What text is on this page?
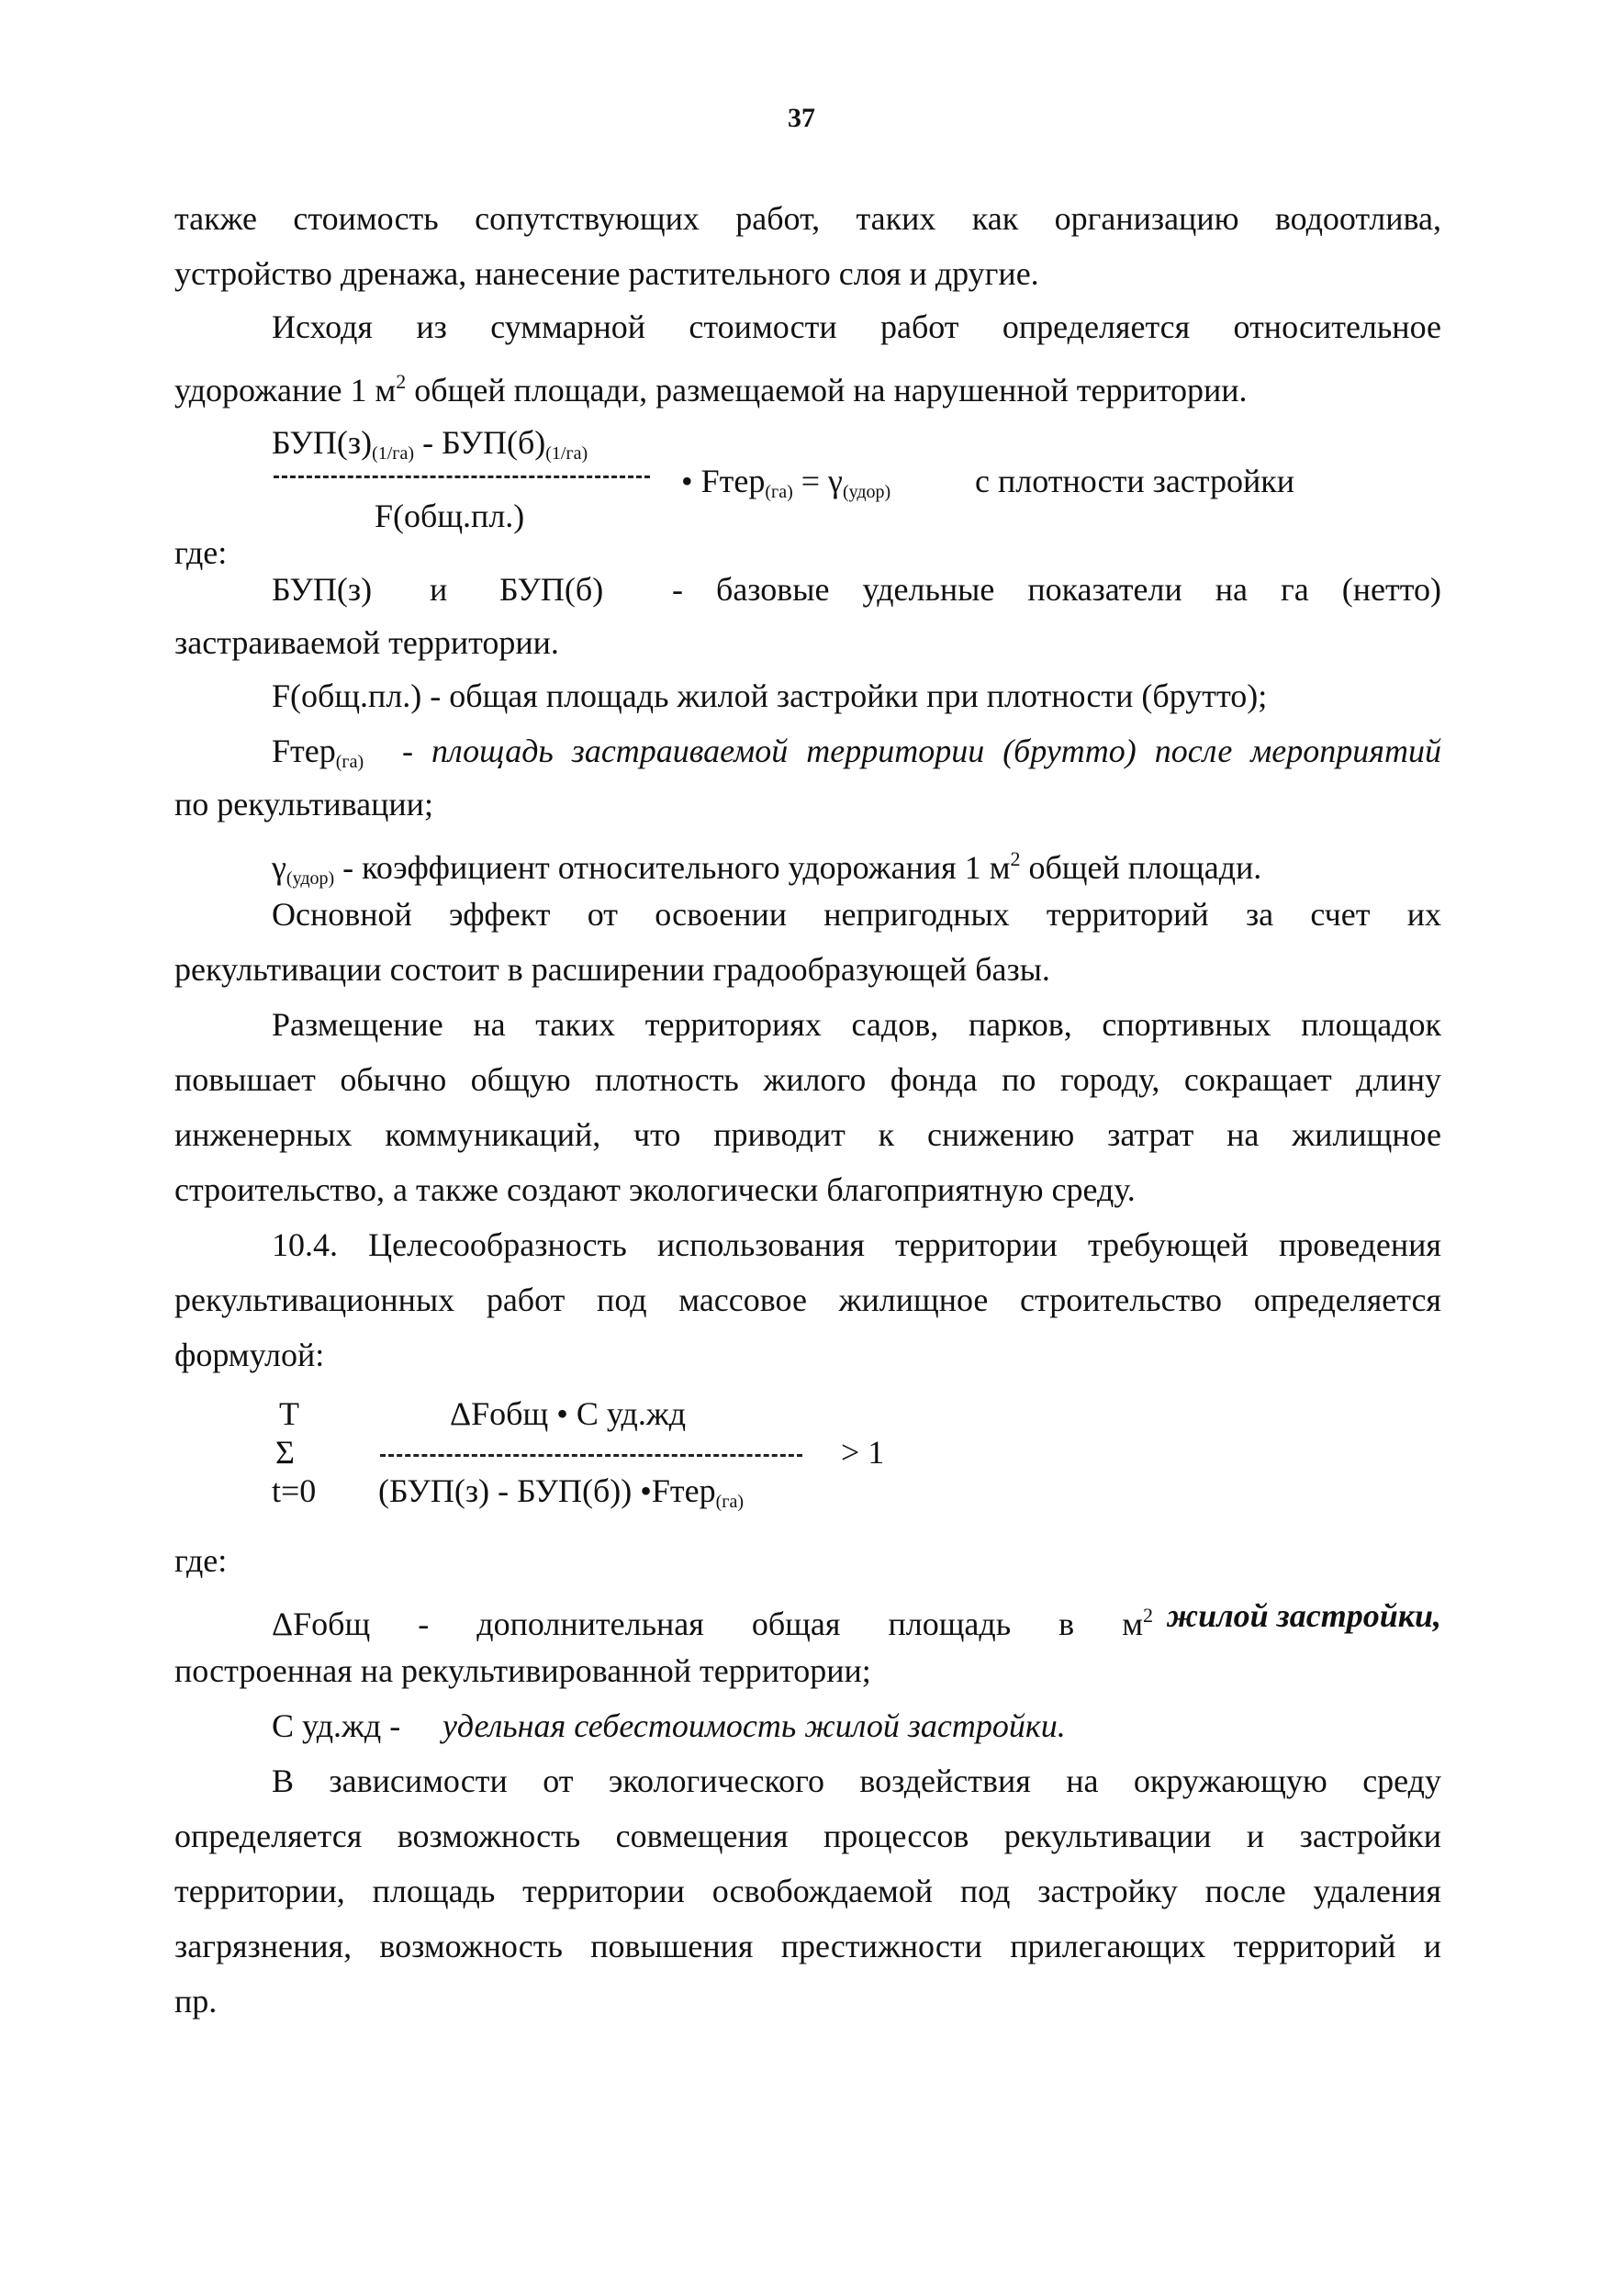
37
также стоимость сопутствующих работ, таких как организацию водоотлива,
устройство дренажа, нанесение растительного слоя и другие.
Исходя из суммарной стоимости работ определяется относительное
удорожание 1 $м^2$ общей площади, размещаемой на нарушенной территории.
$БУП(з)_{(1/га)} - БУП(б)_{(1/га)}$
• Fтер$_{(га)}$ = $\gamma_{(удор)}$	с плотности застройки
F(общ.пл.)
где:
БУП(з) и БУП(б) - базовые удельные показатели на га (нетто)
застраиваемой территории.
F(общ.пл.) - общая площадь жилой застройки при плотности (брутто);
Fтер$_{(га)}$ - площадь застраиваемой территории (брутто) после мероприятий
по рекультивации;
$\gamma_{(удор)}$ - коэффициент относительного удорожания 1 $м^2$ общей площади.
Основной эффект от освоении непригодных территорий за счет их
рекультивации состоит в расширении градообразующей базы.
Размещение на таких территориях садов, парков, спортивных площадок
повышает обычно общую плотность жилого фонда по городу, сокращает длину
инженерных коммуникаций, что приводит к снижению затрат на жилищное
строительство, а также создают экологически благоприятную среду.
10.4. Целесообразность использования территории требующей проведения
рекультивационных работ под массовое жилищное строительство определяется
формулой:
T	ΔFобщ • С уд.жд
Σ	> 1
t=0 (БУП(з) - БУП(б)) •Fтер$_{(га)}$
где:
ΔFобщ - дополнительная общая площадь в $м^2$ жилой застройки,
построенная на рекультивированной территории;
С уд.жд - удельная себестоимость жилой застройки.
В зависимости от экологического воздействия на окружающую среду
определяется возможность совмещения процессов рекультивации и застройки
территории, площадь территории освобождаемой под застройку после удаления
загрязнения, возможность повышения престижности прилегающих территорий и
пр.
